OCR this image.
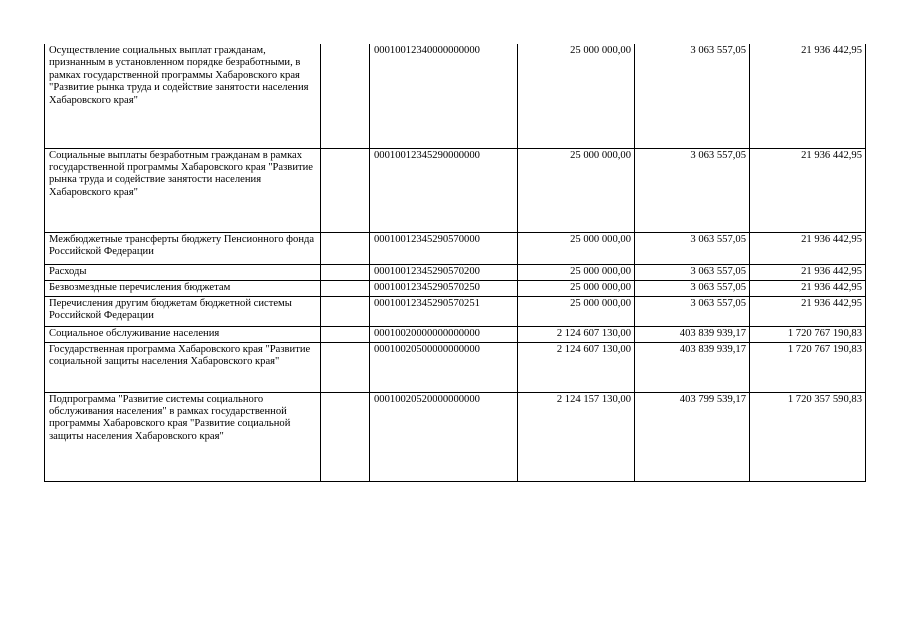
Осуществление социальных выплат гражданам, признанным в установленном порядке безработными, в рамках государственной программы Хабаровского края "Развитие рынка труда и содействие занятости населения Хабаровского края"		00010012340000000000	25 000 000,00	3 063 557,05	21 936 442,95
Социальные выплаты безработным гражданам в рамках государственной программы Хабаровского края "Развитие рынка труда и содействие занятости населения Хабаровского края"		00010012345290000000	25 000 000,00	3 063 557,05	21 936 442,95
Межбюджетные трансферты бюджету Пенсионного фонда Российской Федерации		00010012345290570000	25 000 000,00	3 063 557,05	21 936 442,95
Расходы		00010012345290570200	25 000 000,00	3 063 557,05	21 936 442,95
Безвозмездные перечисления бюджетам		00010012345290570250	25 000 000,00	3 063 557,05	21 936 442,95
Перечисления другим бюджетам бюджетной системы Российской Федерации		00010012345290570251	25 000 000,00	3 063 557,05	21 936 442,95
Социальное обслуживание населения		00010020000000000000	2 124 607 130,00	403 839 939,17	1 720 767 190,83
Государственная программа Хабаровского края "Развитие социальной защиты населения Хабаровского края"		00010020500000000000	2 124 607 130,00	403 839 939,17	1 720 767 190,83
Подпрограмма "Развитие системы социального обслуживания населения" в рамках государственной программы Хабаровского края "Развитие социальной защиты населения Хабаровского края"		00010020520000000000	2 124 157 130,00	403 799 539,17	1 720 357 590,83
